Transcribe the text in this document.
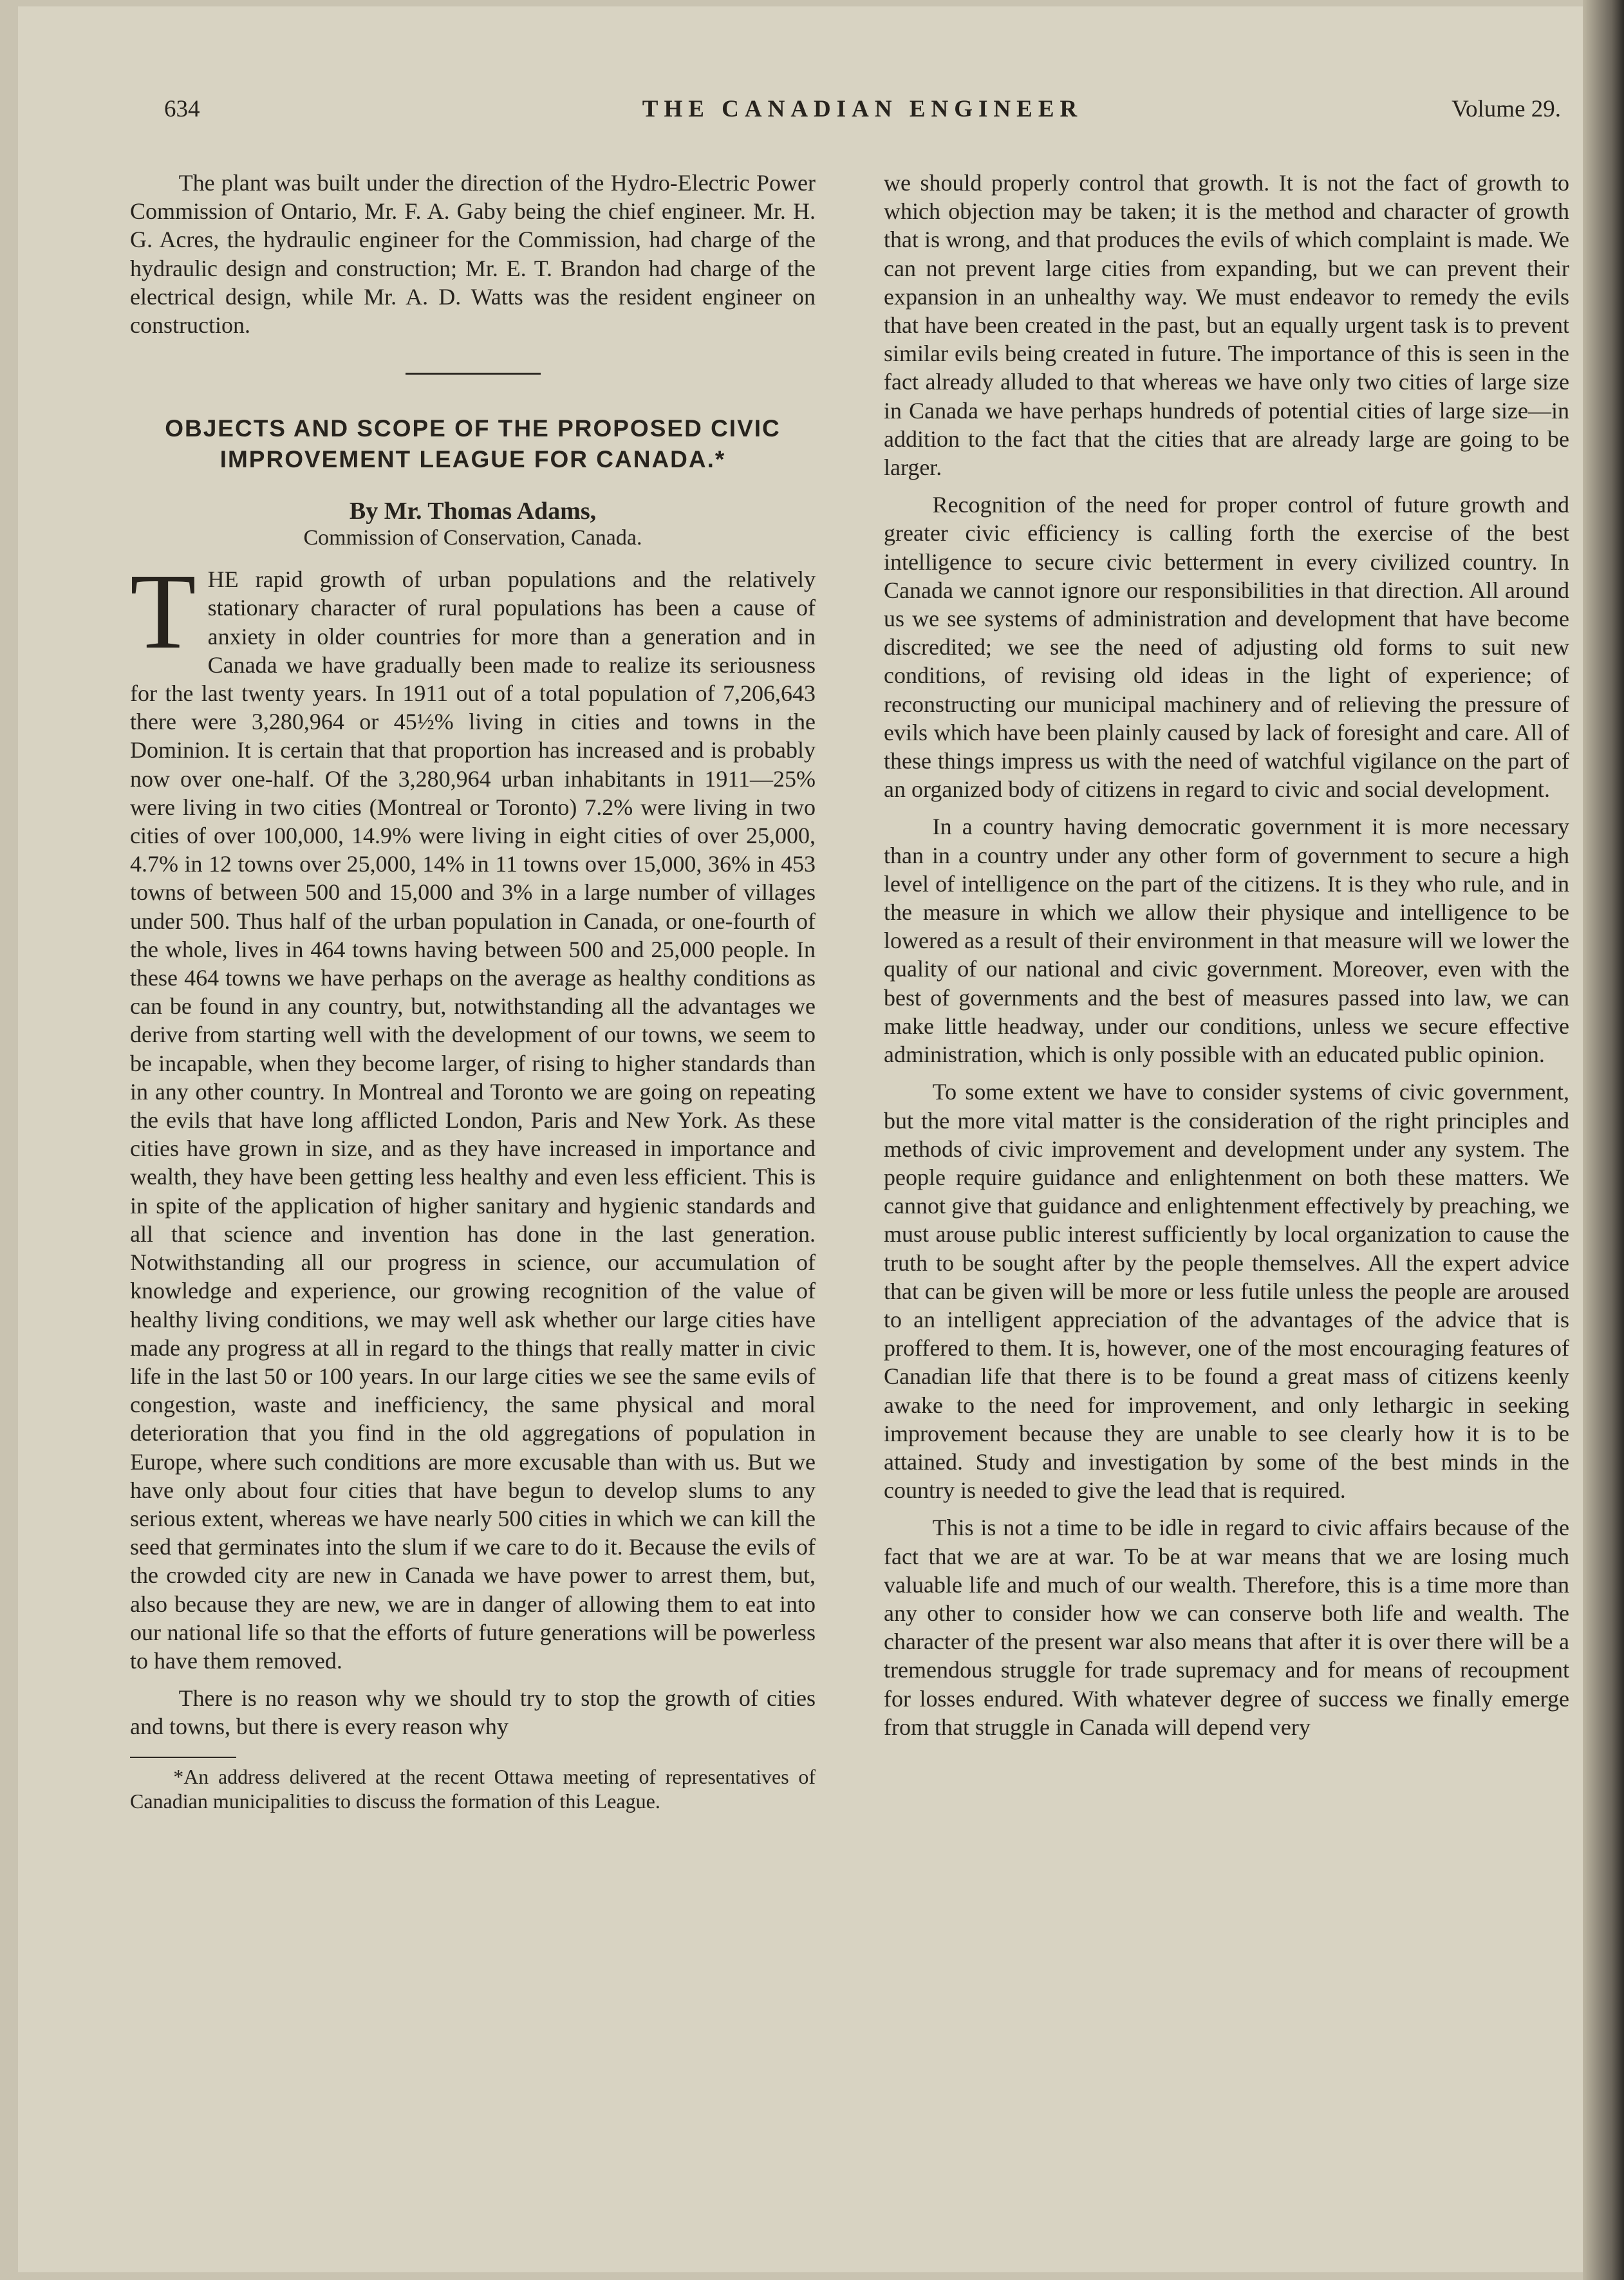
634	THE CANADIAN ENGINEER	Volume 29.

The plant was built under the direction of the Hydro-Electric Power Commission of Ontario, Mr. F. A. Gaby being the chief engineer. Mr. H. G. Acres, the hydraulic engineer for the Commission, had charge of the hydraulic design and construction; Mr. E. T. Brandon had charge of the electrical design, while Mr. A. D. Watts was the resident engineer on construction.

OBJECTS AND SCOPE OF THE PROPOSED CIVIC
IMPROVEMENT LEAGUE FOR CANADA.*
By Mr. Thomas Adams,
Commission of Conservation, Canada.

THE rapid growth of urban populations and the relatively stationary character of rural populations has been a cause of anxiety in older countries for more than a generation and in Canada we have gradually been made to realize its seriousness for the last twenty years. In 1911 out of a total population of 7,206,643 there were 3,280,964 or 45½% living in cities and towns in the Dominion. It is certain that that proportion has increased and is probably now over one-half. Of the 3,280,964 urban inhabitants in 1911—25% were living in two cities (Montreal or Toronto) 7.2% were living in two cities of over 100,000, 14.9% were living in eight cities of over 25,000, 4.7% in 12 towns over 25,000, 14% in 11 towns over 15,000, 36% in 453 towns of between 500 and 15,000 and 3% in a large number of villages under 500. Thus half of the urban population in Canada, or one-fourth of the whole, lives in 464 towns having between 500 and 25,000 people. In these 464 towns we have perhaps on the average as healthy conditions as can be found in any country, but, notwithstanding all the advantages we derive from starting well with the development of our towns, we seem to be incapable, when they become larger, of rising to higher standards than in any other country. In Montreal and Toronto we are going on repeating the evils that have long afflicted London, Paris and New York. As these cities have grown in size, and as they have increased in importance and wealth, they have been getting less healthy and even less efficient. This is in spite of the application of higher sanitary and hygienic standards and all that science and invention has done in the last generation. Notwithstanding all our progress in science, our accumulation of knowledge and experience, our growing recognition of the value of healthy living conditions, we may well ask whether our large cities have made any progress at all in regard to the things that really matter in civic life in the last 50 or 100 years. In our large cities we see the same evils of congestion, waste and inefficiency, the same physical and moral deterioration that you find in the old aggregations of population in Europe, where such conditions are more excusable than with us. But we have only about four cities that have begun to develop slums to any serious extent, whereas we have nearly 500 cities in which we can kill the seed that germinates into the slum if we care to do it. Because the evils of the crowded city are new in Canada we have power to arrest them, but, also because they are new, we are in danger of allowing them to eat into our national life so that the efforts of future generations will be powerless to have them removed.

There is no reason why we should try to stop the growth of cities and towns, but there is every reason why

*An address delivered at the recent Ottawa meeting of representatives of Canadian municipalities to discuss the formation of this League.

we should properly control that growth. It is not the fact of growth to which objection may be taken; it is the method and character of growth that is wrong, and that produces the evils of which complaint is made. We can not prevent large cities from expanding, but we can prevent their expansion in an unhealthy way. We must endeavor to remedy the evils that have been created in the past, but an equally urgent task is to prevent similar evils being created in future. The importance of this is seen in the fact already alluded to that whereas we have only two cities of large size in Canada we have perhaps hundreds of potential cities of large size—in addition to the fact that the cities that are already large are going to be larger.

Recognition of the need for proper control of future growth and greater civic efficiency is calling forth the exercise of the best intelligence to secure civic betterment in every civilized country. In Canada we cannot ignore our responsibilities in that direction. All around us we see systems of administration and development that have become discredited; we see the need of adjusting old forms to suit new conditions, of revising old ideas in the light of experience; of reconstructing our municipal machinery and of relieving the pressure of evils which have been plainly caused by lack of foresight and care. All of these things impress us with the need of watchful vigilance on the part of an organized body of citizens in regard to civic and social development.

In a country having democratic government it is more necessary than in a country under any other form of government to secure a high level of intelligence on the part of the citizens. It is they who rule, and in the measure in which we allow their physique and intelligence to be lowered as a result of their environment in that measure will we lower the quality of our national and civic government. Moreover, even with the best of governments and the best of measures passed into law, we can make little headway, under our conditions, unless we secure effective administration, which is only possible with an educated public opinion.

To some extent we have to consider systems of civic government, but the more vital matter is the consideration of the right principles and methods of civic improvement and development under any system. The people require guidance and enlightenment on both these matters. We cannot give that guidance and enlightenment effectively by preaching, we must arouse public interest sufficiently by local organization to cause the truth to be sought after by the people themselves. All the expert advice that can be given will be more or less futile unless the people are aroused to an intelligent appreciation of the advantages of the advice that is proffered to them. It is, however, one of the most encouraging features of Canadian life that there is to be found a great mass of citizens keenly awake to the need for improvement, and only lethargic in seeking improvement because they are unable to see clearly how it is to be attained. Study and investigation by some of the best minds in the country is needed to give the lead that is required.

This is not a time to be idle in regard to civic affairs because of the fact that we are at war. To be at war means that we are losing much valuable life and much of our wealth. Therefore, this is a time more than any other to consider how we can conserve both life and wealth. The character of the present war also means that after it is over there will be a tremendous struggle for trade supremacy and for means of recoupment for losses endured. With whatever degree of success we finally emerge from that struggle in Canada will depend very
